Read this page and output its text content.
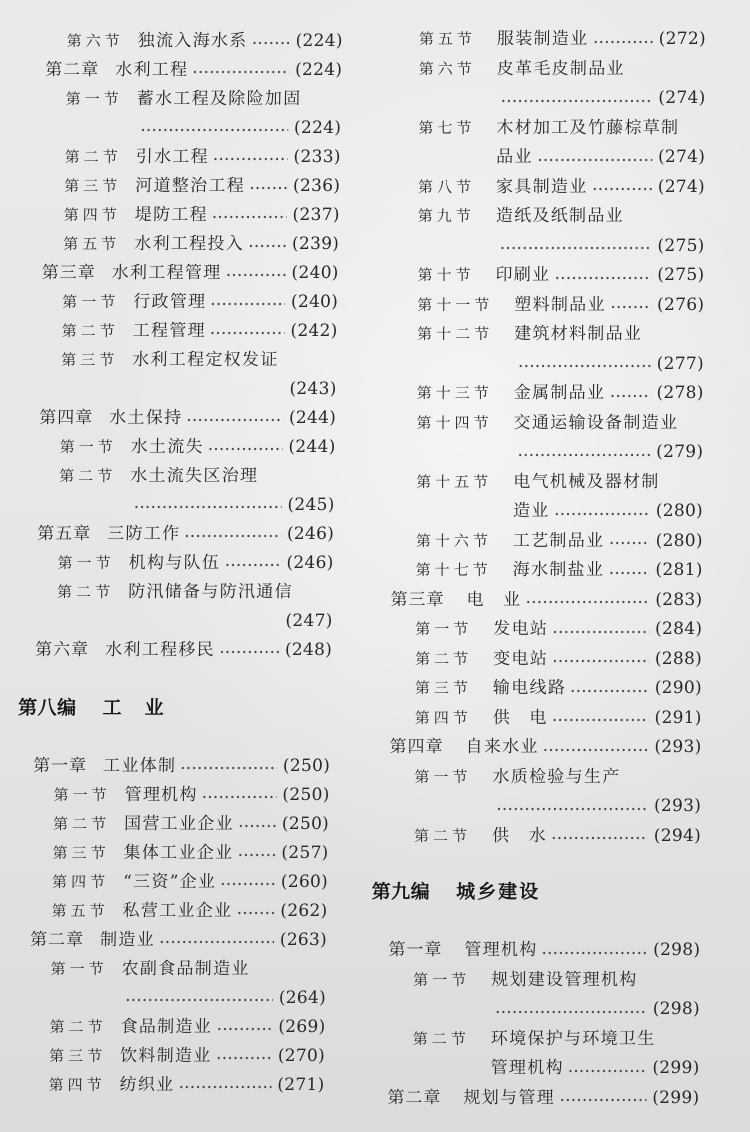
第六节 独流入海水系	(224)
第二章 水利工程	(224)
第一节 蓄水工程及除险加固
(224)
第二节 引水工程	(233)
第三节 河道整治工程	(236)
第四节 堤防工程	(237)
第五节 水利工程投入	(239)
第三章 水利工程管理	(240)
第一节 行政管理	(240)
第二节 工程管理	(242)
第三节 水利工程定权发证
(243)
第四章 水土保持	(244)
第一节 水土流失	(244)
第二节 水土流失区治理
(245)
第五章 三防工作	(246)
第一节 机构与队伍	(246)
第二节 防汛储备与防汛通信
(247)
第六章 水利工程移民	(248)
第八编 工　业
第一章 工业体制	(250)
第一节 管理机构	(250)
第二节 国营工业企业	(250)
第三节 集体工业企业	(257)
第四节 “三资”企业	(260)
第五节 私营工业企业	(262)
第二章 制造业	(263)
第一节 农副食品制造业
(264)
第二节 食品制造业	(269)
第三节 饮料制造业	(270)
第四节 纺织业	(271)
第五节 服装制造业	(272)
第六节 皮革毛皮制品业
(274)
第七节 木材加工及竹藤棕草制
品业	(274)
第八节 家具制造业	(274)
第九节 造纸及纸制品业
(275)
第十节 印刷业	(275)
第十一节 塑料制品业	(276)
第十二节 建筑材料制品业
(277)
第十三节 金属制品业	(278)
第十四节 交通运输设备制造业
(279)
第十五节 电气机械及器材制
造业	(280)
第十六节 工艺制品业	(280)
第十七节 海水制盐业	(281)
第三章 电　业	(283)
第一节 发电站	(284)
第二节 变电站	(288)
第三节 输电线路	(290)
第四节 供　电	(291)
第四章 自来水业	(293)
第一节 水质检验与生产
(293)
第二节 供　水	(294)
第九编 城乡建设
第一章 管理机构	(298)
第一节 规划建设管理机构
(298)
第二节 环境保护与环境卫生
管理机构	(299)
第二章 规划与管理	(299)
